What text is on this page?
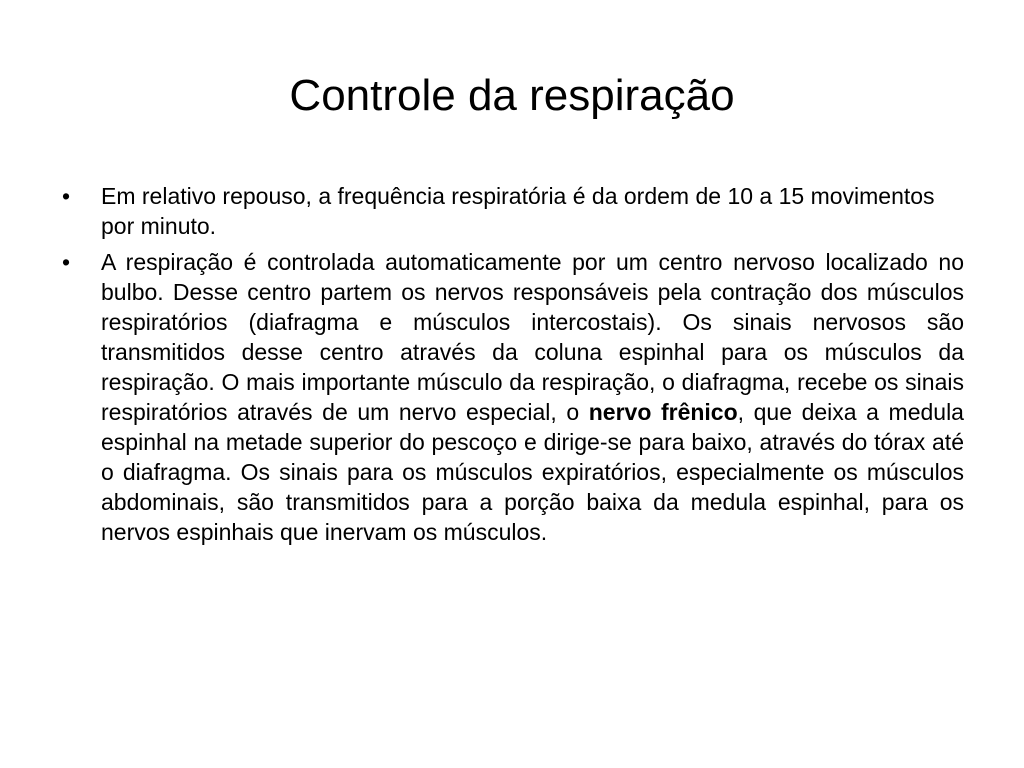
Controle da respiração
•	Em relativo repouso, a frequência respiratória é da ordem de 10 a 15 movimentos por minuto.
•	A respiração é controlada automaticamente por um centro nervoso localizado no bulbo. Desse centro partem os nervos responsáveis pela contração dos músculos respiratórios (diafragma e músculos intercostais). Os sinais nervosos são transmitidos desse centro através da coluna espinhal para os músculos da respiração. O mais importante músculo da respiração, o diafragma, recebe os sinais respiratórios através de um nervo especial, o nervo frênico, que deixa a medula espinhal na metade superior do pescoço e dirige-se para baixo, através do tórax até o diafragma. Os sinais para os músculos expiratórios, especialmente os músculos abdominais, são transmitidos para a porção baixa da medula espinhal, para os nervos espinhais que inervam os músculos.
